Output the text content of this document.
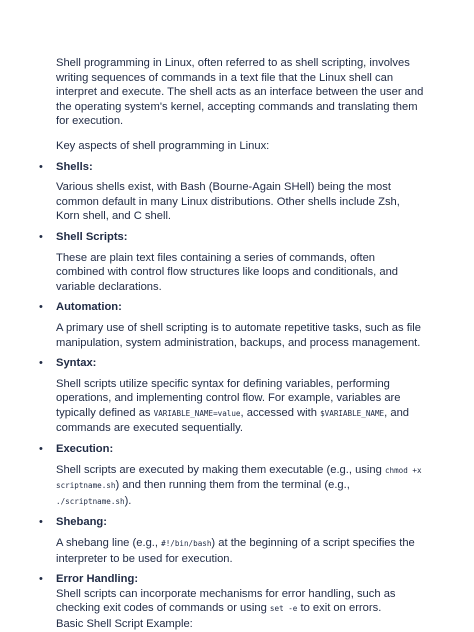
Shell programming in Linux, often referred to as shell scripting, involves writing sequences of commands in a text file that the Linux shell can interpret and execute. The shell acts as an interface between the user and the operating system's kernel, accepting commands and translating them for execution.

Key aspects of shell programming in Linux:

• Shells:

Various shells exist, with Bash (Bourne-Again SHell) being the most common default in many Linux distributions. Other shells include Zsh, Korn shell, and C shell.

• Shell Scripts:

These are plain text files containing a series of commands, often combined with control flow structures like loops and conditionals, and variable declarations.

• Automation:

A primary use of shell scripting is to automate repetitive tasks, such as file manipulation, system administration, backups, and process management.

• Syntax:

Shell scripts utilize specific syntax for defining variables, performing operations, and implementing control flow. For example, variables are typically defined as VARIABLE_NAME=value, accessed with $VARIABLE_NAME, and commands are executed sequentially.

• Execution:

Shell scripts are executed by making them executable (e.g., using chmod +x scriptname.sh) and then running them from the terminal (e.g., ./scriptname.sh).

• Shebang:

A shebang line (e.g., #!/bin/bash) at the beginning of a script specifies the interpreter to be used for execution.

• Error Handling:

Shell scripts can incorporate mechanisms for error handling, such as checking exit codes of commands or using set -e to exit on errors.

Basic Shell Script Example:
